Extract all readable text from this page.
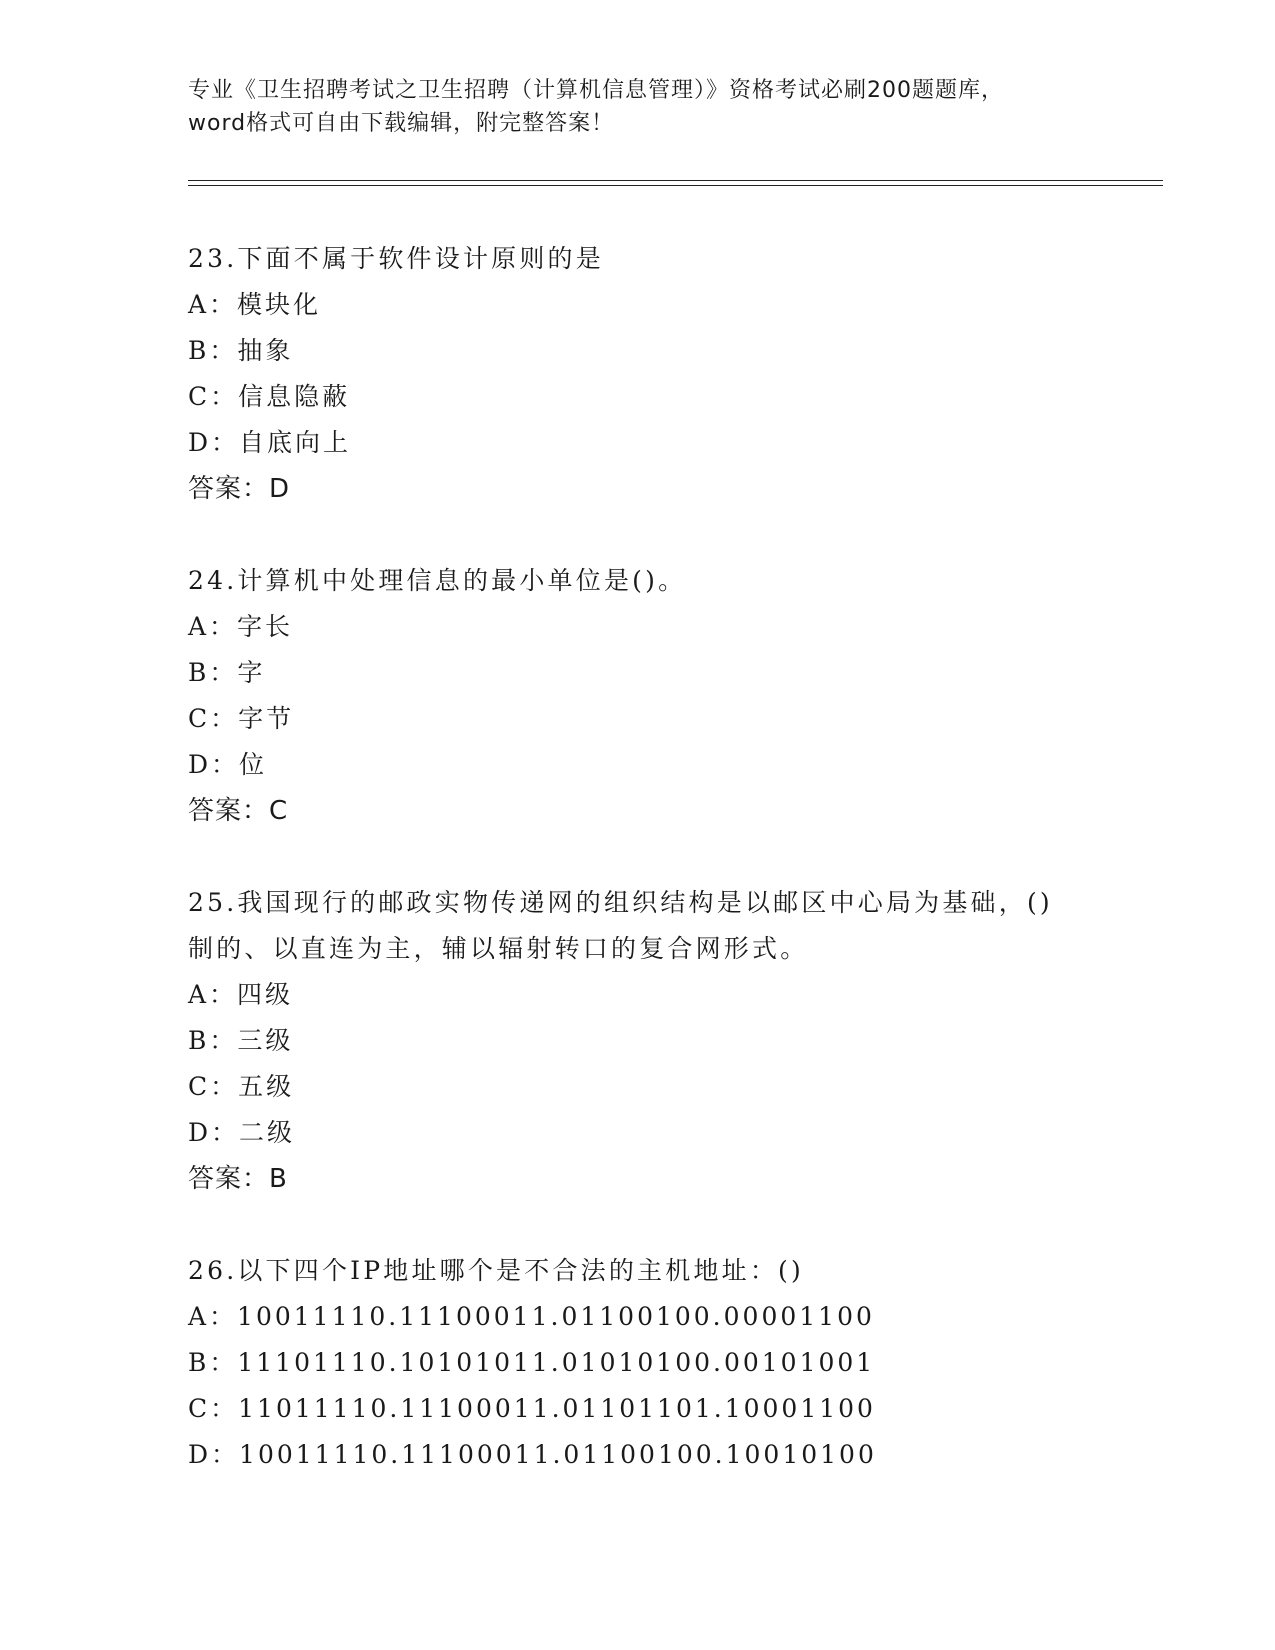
专业《卫生招聘考试之卫生招聘（计算机信息管理）》资格考试必刷200题题库，
word格式可自由下载编辑，附完整答案！
23.下面不属于软件设计原则的是
A：模块化
B：抽象
C：信息隐蔽
D：自底向上
答案：D
24.计算机中处理信息的最小单位是()。
A：字长
B：字
C：字节
D：位
答案：C
25.我国现行的邮政实物传递网的组织结构是以邮区中心局为基础，()
制的、以直连为主，辅以辐射转口的复合网形式。
A：四级
B：三级
C：五级
D：二级
答案：B
26.以下四个IP地址哪个是不合法的主机地址：()
A：10011110.11100011.01100100.00001100
B：11101110.10101011.01010100.00101001
C：11011110.11100011.01101101.10001100
D：10011110.11100011.01100100.10010100
